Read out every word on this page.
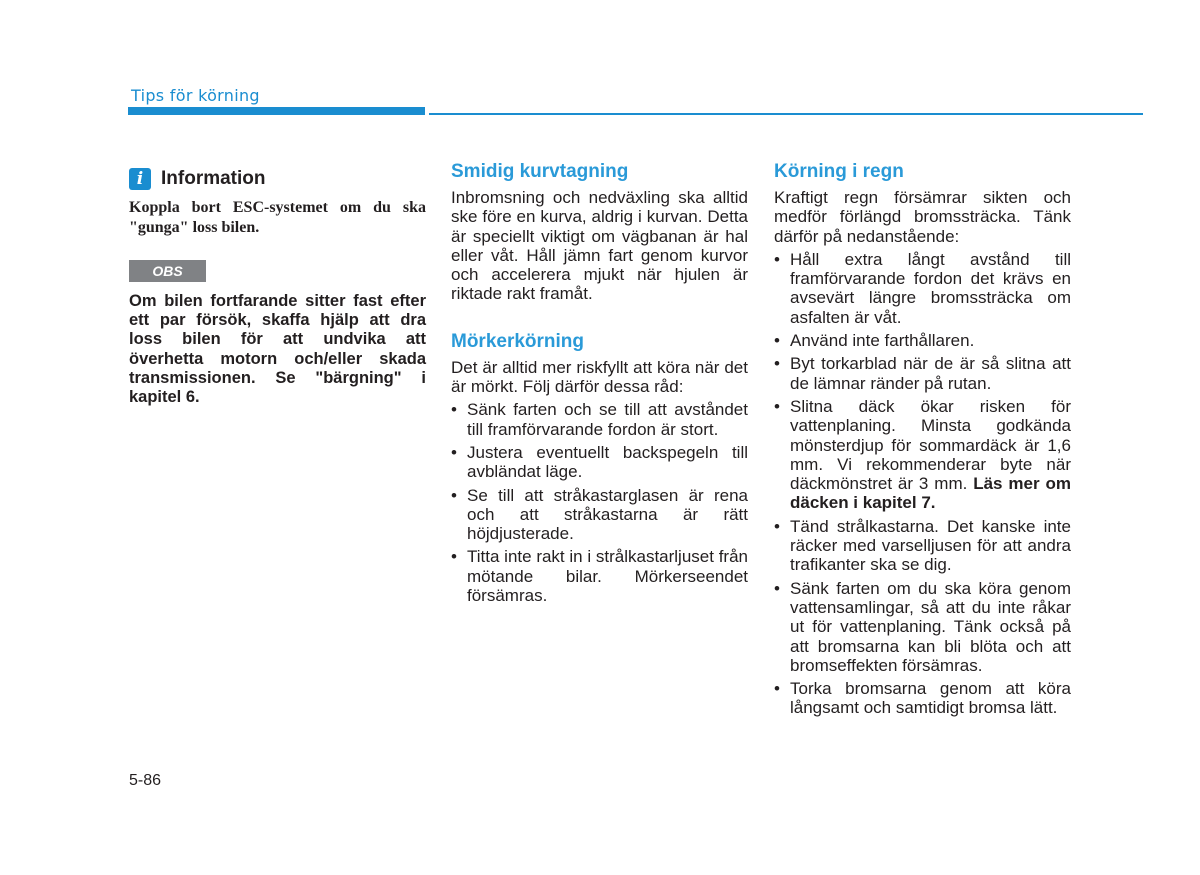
Tips för körning
i Information

Koppla bort ESC-systemet om du ska "gunga" loss bilen.

OBS

Om bilen fortfarande sitter fast efter ett par försök, skaffa hjälp att dra loss bilen för att undvika att överhetta motorn och/eller skada transmissionen. Se "bärgning" i kapitel 6.

Smidig kurvtagning

Inbromsning och nedväxling ska alltid ske före en kurva, aldrig i kurvan. Detta är speciellt viktigt om vägbanan är hal eller våt. Håll jämn fart genom kurvor och accelerera mjukt när hjulen är riktade rakt framåt.

Mörkerkörning

Det är alltid mer riskfyllt att köra när det är mörkt. Följ därför dessa råd:

• Sänk farten och se till att avståndet till framförvarande fordon är stort.
• Justera eventuellt backspegeln till avbländat läge.
• Se till att stråkastarglasen är rena och att stråkastarna är rätt höjdjusterade.
• Titta inte rakt in i strålkastarljuset från mötande bilar. Mörkerseendet försämras.
Körning i regn

Kraftigt regn försämrar sikten och medför förlängd bromssträcka. Tänk därför på nedanstående:

• Håll extra långt avstånd till framförvarande fordon det krävs en avsevärt längre bromssträcka om asfalten är våt.
• Använd inte farthållaren.
• Byt torkarblad när de är så slitna att de lämnar ränder på rutan.
• Slitna däck ökar risken för vattenplaning. Minsta godkända mönsterdjup för sommardäck är 1,6 mm. Vi rekommenderar byte när däckmönstret är 3 mm. Läs mer om däcken i kapitel 7.
• Tänd strålkastarna. Det kanske inte räcker med varselljusen för att andra trafikanter ska se dig.
• Sänk farten om du ska köra genom vattensamlingar, så att du inte råkar ut för vattenplaning. Tänk också på att bromsarna kan bli blöta och att bromseffekten försämras.
• Torka bromsarna genom att köra långsamt och samtidigt bromsa lätt.
5-86
